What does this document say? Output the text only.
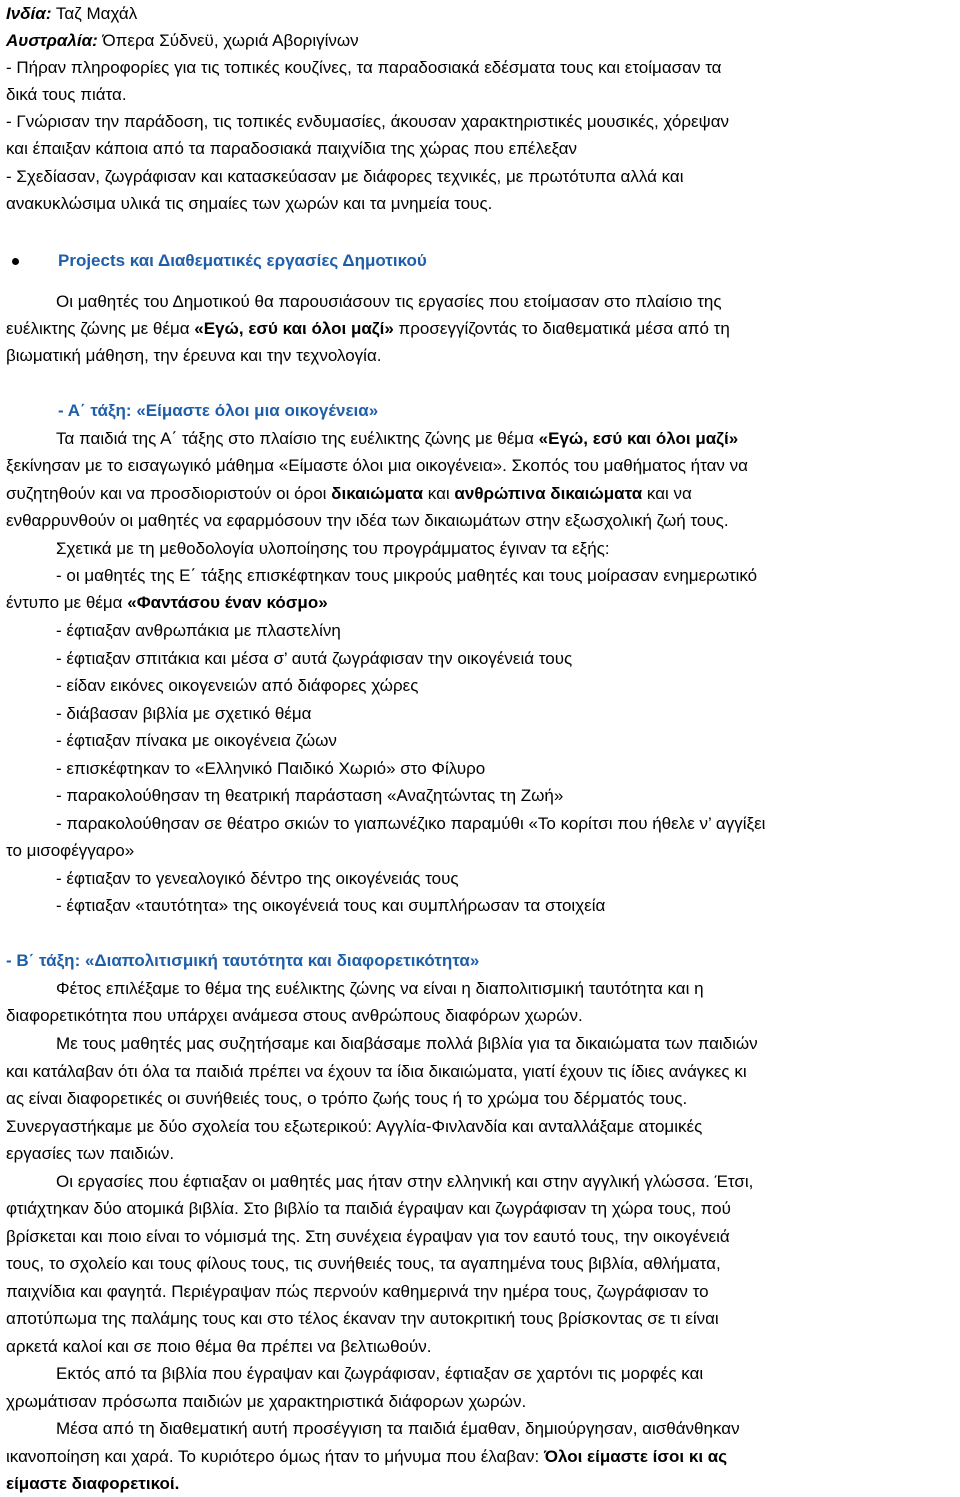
Ινδία: Ταζ Μαχάλ
Αυστραλία: Όπερα Σύδνεϋ, χωριά Αβοριγίνων
- Πήραν πληροφορίες για τις τοπικές κουζίνες, τα παραδοσιακά εδέσματα τους και ετοίμασαν τα
δικά τους πιάτα.
- Γνώρισαν την παράδοση, τις τοπικές ενδυμασίες, άκουσαν χαρακτηριστικές μουσικές, χόρεψαν
και έπαιξαν κάποια από τα παραδοσιακά παιχνίδια της χώρας που επέλεξαν
- Σχεδίασαν, ζωγράφισαν και κατασκεύασαν με διάφορες τεχνικές, με πρωτότυπα αλλά και
ανακυκλώσιμα υλικά τις σημαίες των χωρών και τα μνημεία τους.
Projects και Διαθεματικές εργασίες Δημοτικού
Οι μαθητές του Δημοτικού θα παρουσιάσουν τις εργασίες που ετοίμασαν στο πλαίσιο της
ευέλικτης ζώνης με θέμα «Εγώ, εσύ και όλοι μαζί» προσεγγίζοντάς το διαθεματικά μέσα από τη
βιωματική μάθηση, την έρευνα και την τεχνολογία.
- Α΄ τάξη: «Είμαστε όλοι μια οικογένεια»
Τα παιδιά της Α΄ τάξης στο πλαίσιο της ευέλικτης ζώνης με θέμα «Εγώ, εσύ και όλοι μαζί»
ξεκίνησαν με το εισαγωγικό μάθημα «Είμαστε όλοι μια οικογένεια». Σκοπός του μαθήματος ήταν να
συζητηθούν και να προσδιοριστούν οι όροι δικαιώματα και ανθρώπινα δικαιώματα και να
ενθαρρυνθούν οι μαθητές να εφαρμόσουν την ιδέα των δικαιωμάτων στην εξωσχολική ζωή τους.
Σχετικά με τη μεθοδολογία υλοποίησης του προγράμματος έγιναν τα εξής:
- οι μαθητές της Ε΄ τάξης επισκέφτηκαν τους μικρούς μαθητές και τους μοίρασαν ενημερωτικό
έντυπο με θέμα «Φαντάσου έναν κόσμο»
- έφτιαξαν ανθρωπάκια με πλαστελίνη
- έφτιαξαν σπιτάκια και μέσα σ’ αυτά ζωγράφισαν την οικογένειά τους
- είδαν εικόνες οικογενειών από διάφορες χώρες
- διάβασαν βιβλία με σχετικό θέμα
- έφτιαξαν πίνακα με οικογένεια ζώων
- επισκέφτηκαν το «Ελληνικό Παιδικό Χωριό» στο Φίλυρο
- παρακολούθησαν τη θεατρική παράσταση «Αναζητώντας τη Ζωή»
- παρακολούθησαν σε θέατρο σκιών το γιαπωνέζικο παραμύθι «Το κορίτσι που ήθελε ν’ αγγίξει
το μισοφέγγαρο»
- έφτιαξαν το γενεαλογικό δέντρο της οικογένειάς τους
- έφτιαξαν «ταυτότητα» της οικογένειά τους και συμπλήρωσαν τα στοιχεία
- Β΄ τάξη: «Διαπολιτισμική ταυτότητα και διαφορετικότητα»
Φέτος επιλέξαμε το θέμα της ευέλικτης ζώνης να είναι η διαπολιτισμική ταυτότητα και η
διαφορετικότητα που υπάρχει ανάμεσα στους ανθρώπους διαφόρων χωρών.
Με τους μαθητές μας συζητήσαμε και διαβάσαμε πολλά βιβλία για τα δικαιώματα των παιδιών
και κατάλαβαν ότι όλα τα παιδιά πρέπει να έχουν τα ίδια δικαιώματα, γιατί έχουν τις ίδιες ανάγκες κι
ας είναι διαφορετικές οι συνήθειές τους, ο τρόπο ζωής τους ή το χρώμα του δέρματός τους.
Συνεργαστήκαμε με δύο σχολεία του εξωτερικού: Αγγλία-Φινλανδία και ανταλλάξαμε ατομικές
εργασίες των παιδιών.
Οι εργασίες που έφτιαξαν οι μαθητές μας ήταν στην ελληνική και στην αγγλική γλώσσα. Έτσι,
φτιάχτηκαν δύο ατομικά βιβλία. Στο βιβλίο τα παιδιά έγραψαν και ζωγράφισαν τη χώρα τους, πού
βρίσκεται και ποιο είναι το νόμισμά της. Στη συνέχεια έγραψαν για τον εαυτό τους, την οικογένειά
τους, το σχολείο και τους φίλους τους, τις συνήθειές τους, τα αγαπημένα τους βιβλία, αθλήματα,
παιχνίδια και φαγητά. Περιέγραψαν πώς περνούν καθημερινά την ημέρα τους, ζωγράφισαν το
αποτύπωμα της παλάμης τους και στο τέλος έκαναν την αυτοκριτική τους βρίσκοντας σε τι είναι
αρκετά καλοί και σε ποιο θέμα θα πρέπει να βελτιωθούν.
Εκτός από τα βιβλία που έγραψαν και ζωγράφισαν, έφτιαξαν σε χαρτόνι τις μορφές και
χρωμάτισαν πρόσωπα παιδιών με χαρακτηριστικά διάφορων χωρών.
Μέσα από τη διαθεματική αυτή προσέγγιση τα παιδιά έμαθαν, δημιούργησαν, αισθάνθηκαν
ικανοποίηση και χαρά. Το κυριότερο όμως ήταν το μήνυμα που έλαβαν: Όλοι είμαστε ίσοι κι ας
είμαστε διαφορετικοί.
